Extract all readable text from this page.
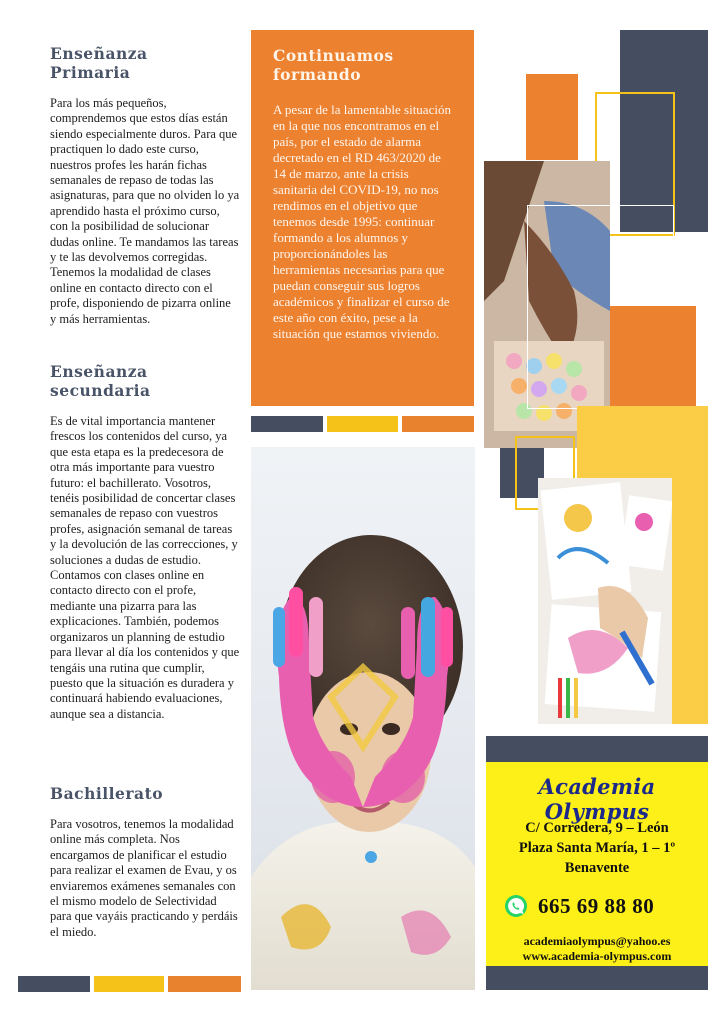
Enseñanza Primaria

Para los más pequeños, comprendemos que estos días están siendo especialmente duros. Para que practiquen lo dado este curso, nuestros profes les harán fichas semanales de repaso de todas las asignaturas, para que no olviden lo ya aprendido hasta el próximo curso, con la posibilidad de solucionar dudas online. Te mandamos las tareas y te las devolvemos corregidas. Tenemos la modalidad de clases online en contacto directo con el profe, disponiendo de pizarra online y más herramientas.

Enseñanza secundaria

Es de vital importancia mantener frescos los contenidos del curso, ya que esta etapa es la predecesora de otra más importante para vuestro futuro: el bachillerato. Vosotros, tenéis posibilidad de concertar clases semanales de repaso con vuestros profes, asignación semanal de tareas y la devolución de las correcciones, y soluciones a dudas de estudio. Contamos con clases online en contacto directo con el profe, mediante una pizarra para las explicaciones. También, podemos organizaros un planning de estudio para llevar al día los contenidos y que tengáis una rutina que cumplir, puesto que la situación es duradera y continuará habiendo evaluaciones, aunque sea a distancia.

Bachillerato

Para vosotros, tenemos la modalidad online más completa. Nos encargamos de planificar el estudio para realizar el examen de Evau, y os enviaremos exámenes semanales con el mismo modelo de Selectividad para que vayáis practicando y perdáis el miedo.

Continuamos formando

A pesar de la lamentable situación en la que nos encontramos en el país, por el estado de alarma decretado en el RD 463/2020 de 14 de marzo, ante la crisis sanitaria del COVID-19, no nos rendimos en el objetivo que tenemos desde 1995: continuar formando a los alumnos y proporcionándoles las herramientas necesarias para que puedan conseguir sus logros académicos y finalizar el curso de este año con éxito, pese a la situación que estamos viviendo.

Academia Olympus
C/ Corredera, 9 – León
Plaza Santa María, 1 – 1º
Benavente
665 69 88 80
academiaolympus@yahoo.es
www.academia-olympus.com
